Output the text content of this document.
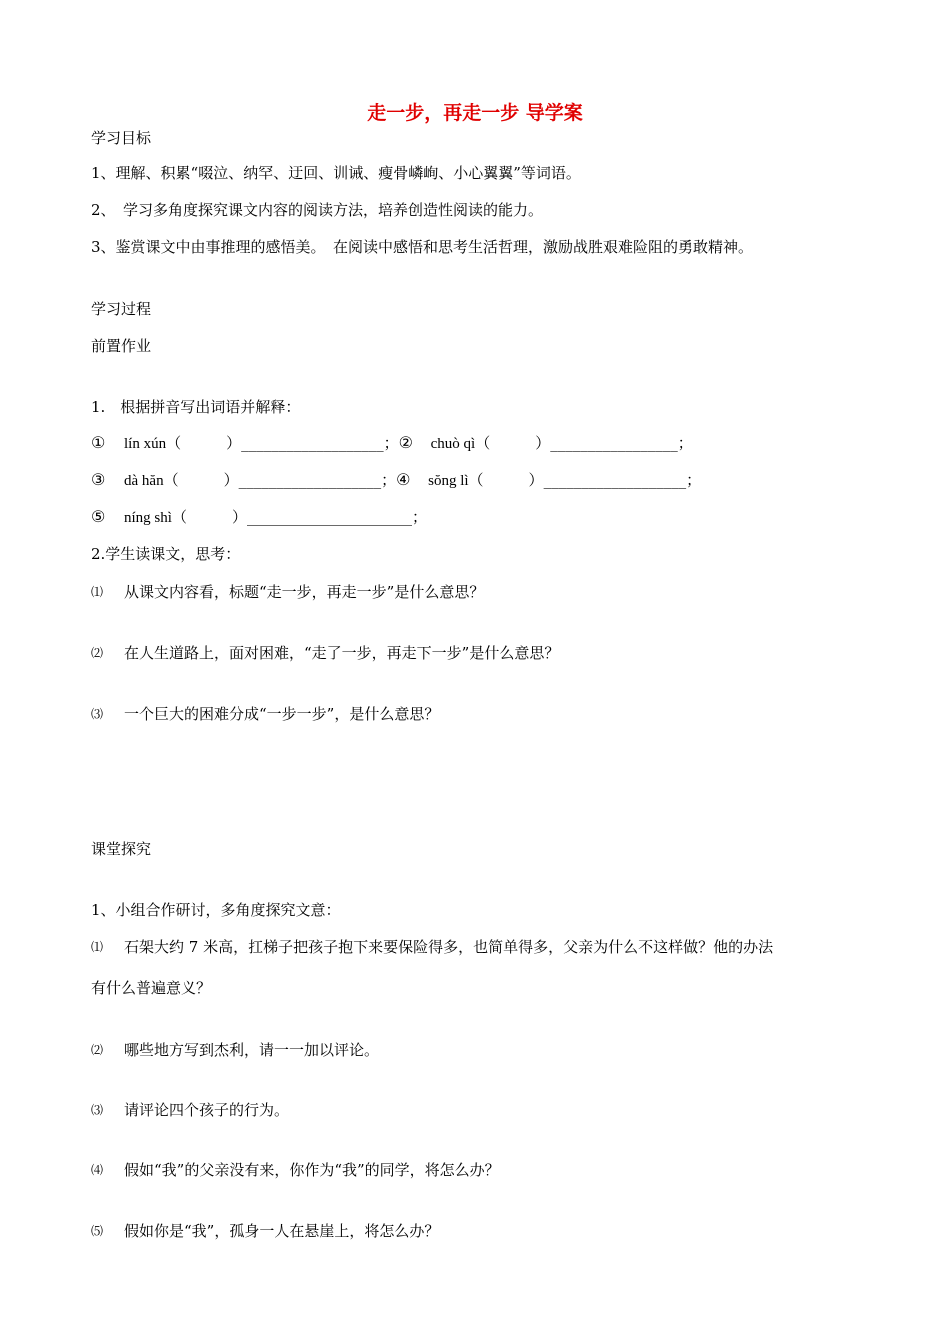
走一步，再走一步 导学案
学习目标
1、理解、积累“啜泣、纳罕、迂回、训诫、瘦骨嶙峋、小心翼翼”等词语。
2、　学习多角度探究课文内容的阅读方法，培养创造性阅读的能力。
3、鉴赏课文中由事推理的感悟美。　在阅读中感悟和思考生活哲理，激励战胜艰难险阻的勇敢精神。
学习过程
前置作业
1.　根据拼音写出词语并解释：
① lín xún（　　　）___________________；② chuò qì（　　　）_________________；
③ dà hăn（　　　）___________________；④ sŏng lì（　　　）___________________；
⑤ níng shì（　　　）______________________；
2.学生读课文，思考：
⑴ 从课文内容看，标题“走一步，再走一步”是什么意思？
⑵ 在人生道路上，面对困难，“走了一步，再走下一步”是什么意思？
⑶ 一个巨大的困难分成“一步一步”，是什么意思？
课堂探究
1、小组合作研讨，多角度探究文意：
⑴ 石架大约 7 米高，扛梯子把孩子抱下来要保险得多，也简单得多，父亲为什么不这样做？他的办法
有什么普遍意义？
⑵ 哪些地方写到杰利，请一一加以评论。
⑶ 请评论四个孩子的行为。
⑷ 假如“我”的父亲没有来，你作为“我”的同学，将怎么办？
⑸ 假如你是“我”，孤身一人在悬崖上，将怎么办？
